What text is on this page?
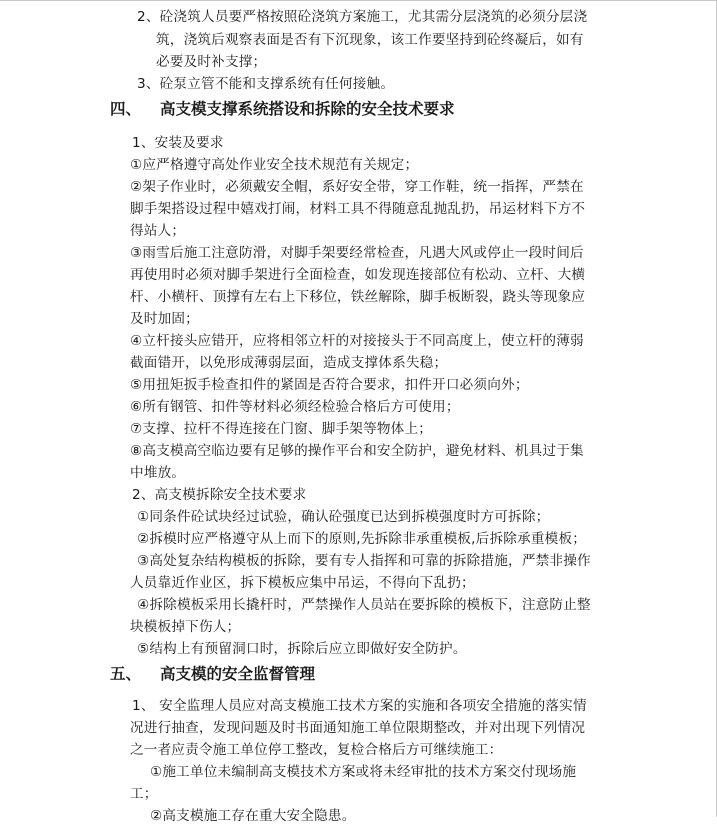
2、砼浇筑人员要严格按照砼浇筑方案施工，尤其需分层浇筑的必须分层浇
筑，浇筑后观察表面是否有下沉现象，该工作要坚持到砼终凝后，如有
必要及时补支撑；
3、砼泵立管不能和支撑系统有任何接触。
四、 高支模支撑系统搭设和拆除的安全技术要求
1、安装及要求
①应严格遵守高处作业安全技术规范有关规定；
②架子作业时，必须戴安全帽，系好安全带，穿工作鞋，统一指挥，严禁在
脚手架搭设过程中嬉戏打闹，材料工具不得随意乱抛乱扔，吊运材料下方不
得站人；
③雨雪后施工注意防滑，对脚手架要经常检查，凡遇大风或停止一段时间后
再使用时必须对脚手架进行全面检查，如发现连接部位有松动、立杆、大横
杆、小横杆、顶撑有左右上下移位，铁丝解除，脚手板断裂，跷头等现象应
及时加固；
④立杆接头应错开，应将相邻立杆的对接接头于不同高度上，使立杆的薄弱
截面错开，以免形成薄弱层面，造成支撑体系失稳；
⑤用扭矩扳手检查扣件的紧固是否符合要求，扣件开口必须向外；
⑥所有钢管、扣件等材料必须经检验合格后方可使用；
⑦支撑、拉杆不得连接在门窗、脚手架等物体上；
⑧高支模高空临边要有足够的操作平台和安全防护，避免材料、机具过于集
中堆放。
2、高支模拆除安全技术要求
①同条件砼试块经过试验，确认砼强度已达到拆模强度时方可拆除；
②拆模时应严格遵守从上而下的原则,先拆除非承重模板,后拆除承重模板；
③高处复杂结构模板的拆除，要有专人指挥和可靠的拆除措施，严禁非操作
人员靠近作业区，拆下模板应集中吊运，不得向下乱扔；
④拆除模板采用长撬杆时，严禁操作人员站在要拆除的模板下，注意防止整
块模板掉下伤人；
⑤结构上有预留洞口时，拆除后应立即做好安全防护。
五、 高支模的安全监督管理
1、 安全监理人员应对高支模施工技术方案的实施和各项安全措施的落实情
况进行抽查，发现问题及时书面通知施工单位限期整改，并对出现下列情况
之一者应责令施工单位停工整改，复检合格后方可继续施工：
①施工单位未编制高支模技术方案或将未经审批的技术方案交付现场施
工；
②高支模施工存在重大安全隐患。
